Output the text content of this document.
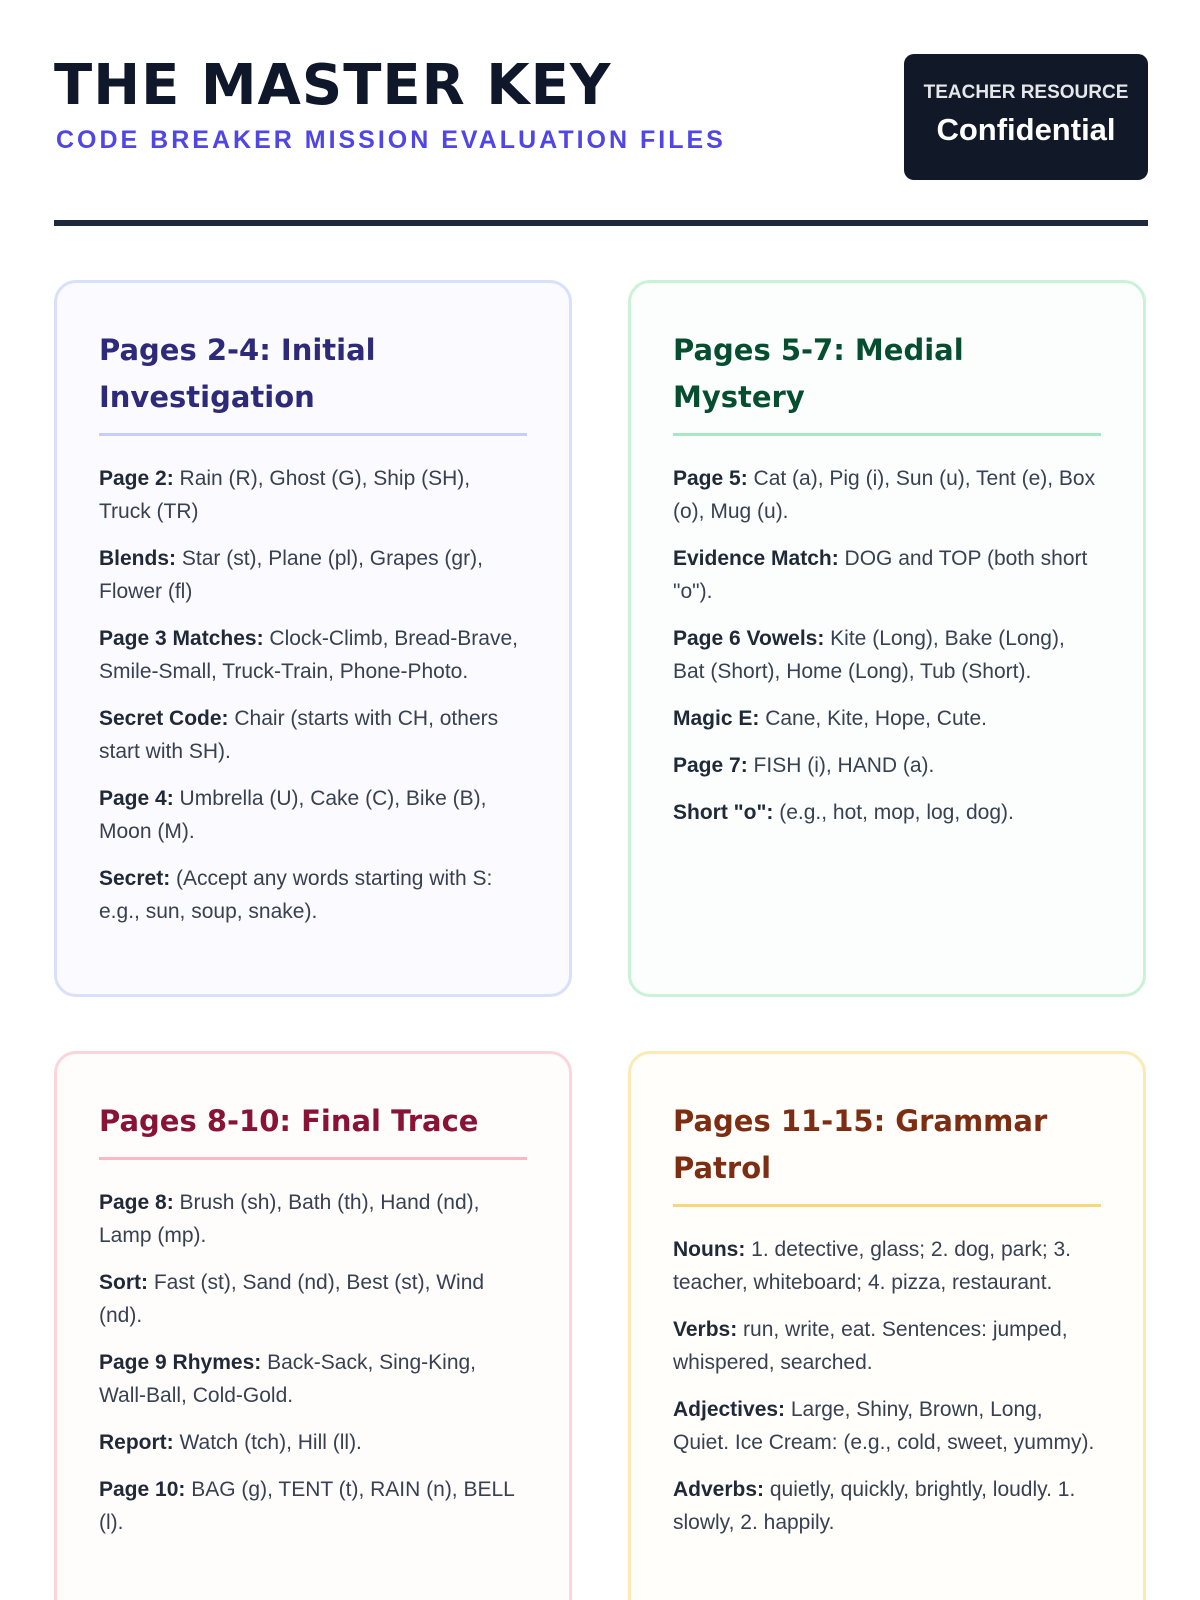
THE MASTER KEY
CODE BREAKER MISSION EVALUATION FILES
TEACHER RESOURCE
Confidential
Pages 2-4: Initial Investigation

Page 2: Rain (R), Ghost (G), Ship (SH), Truck (TR)

Blends: Star (st), Plane (pl), Grapes (gr), Flower (fl)

Page 3 Matches: Clock-Climb, Bread-Brave, Smile-Small, Truck-Train, Phone-Photo.

Secret Code: Chair (starts with CH, others start with SH).

Page 4: Umbrella (U), Cake (C), Bike (B), Moon (M).

Secret: (Accept any words starting with S: e.g., sun, soup, snake).

Pages 5-7: Medial Mystery

Page 5: Cat (a), Pig (i), Sun (u), Tent (e), Box (o), Mug (u).

Evidence Match: DOG and TOP (both short "o").

Page 6 Vowels: Kite (Long), Bake (Long), Bat (Short), Home (Long), Tub (Short).

Magic E: Cane, Kite, Hope, Cute.

Page 7: FISH (i), HAND (a).

Short "o": (e.g., hot, mop, log, dog).

Pages 8-10: Final Trace

Page 8: Brush (sh), Bath (th), Hand (nd), Lamp (mp).

Sort: Fast (st), Sand (nd), Best (st), Wind (nd).

Page 9 Rhymes: Back-Sack, Sing-King, Wall-Ball, Cold-Gold.

Report: Watch (tch), Hill (ll).

Page 10: BAG (g), TENT (t), RAIN (n), BELL (l).

Pages 11-15: Grammar Patrol

Nouns: 1. detective, glass; 2. dog, park; 3. teacher, whiteboard; 4. pizza, restaurant.

Verbs: run, write, eat. Sentences: jumped, whispered, searched.

Adjectives: Large, Shiny, Brown, Long, Quiet. Ice Cream: (e.g., cold, sweet, yummy).

Adverbs: quietly, quickly, brightly, loudly. 1. slowly, 2. happily.
